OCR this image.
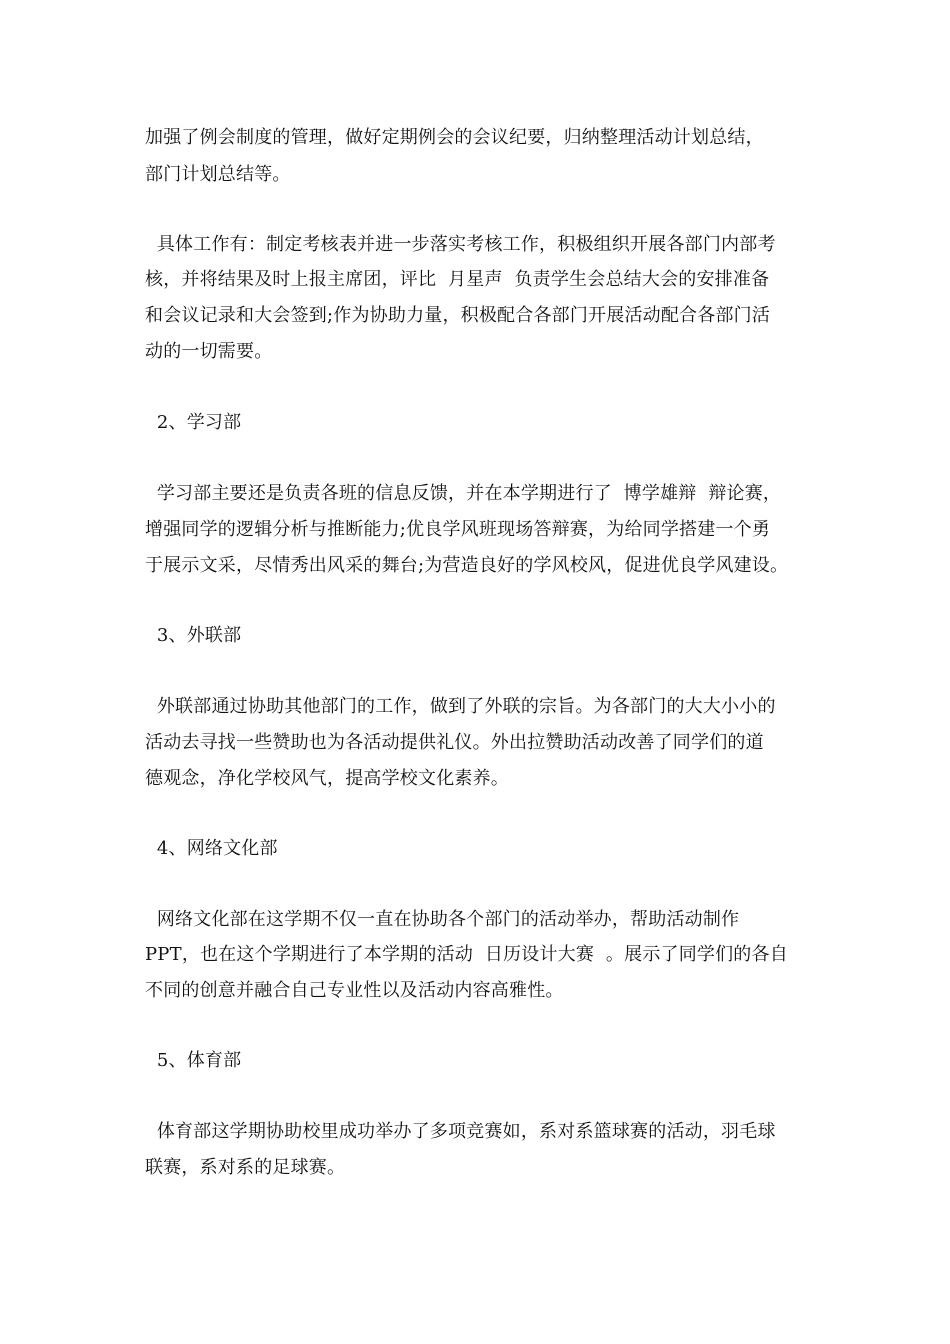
加强了例会制度的管理，做好定期例会的会议纪要，归纳整理活动计划总结，
部门计划总结等。
具体工作有：制定考核表并进一步落实考核工作，积极组织开展各部门内部考
核，并将结果及时上报主席团，评比  月星声  负责学生会总结大会的安排准备
和会议记录和大会签到;作为协助力量，积极配合各部门开展活动配合各部门活
动的一切需要。
2、学习部
学习部主要还是负责各班的信息反馈，并在本学期进行了  博学雄辩  辩论赛，
增强同学的逻辑分析与推断能力;优良学风班现场答辩赛，为给同学搭建一个勇
于展示文采，尽情秀出风采的舞台;为营造良好的学风校风，促进优良学风建设。
3、外联部
外联部通过协助其他部门的工作，做到了外联的宗旨。为各部门的大大小小的
活动去寻找一些赞助也为各活动提供礼仪。外出拉赞助活动改善了同学们的道
德观念，净化学校风气，提高学校文化素养。
4、网络文化部
网络文化部在这学期不仅一直在协助各个部门的活动举办，帮助活动制作
PPT，也在这个学期进行了本学期的活动  日历设计大赛  。展示了同学们的各自
不同的创意并融合自己专业性以及活动内容高雅性。
5、体育部
体育部这学期协助校里成功举办了多项竞赛如，系对系篮球赛的活动，羽毛球
联赛，系对系的足球赛。
